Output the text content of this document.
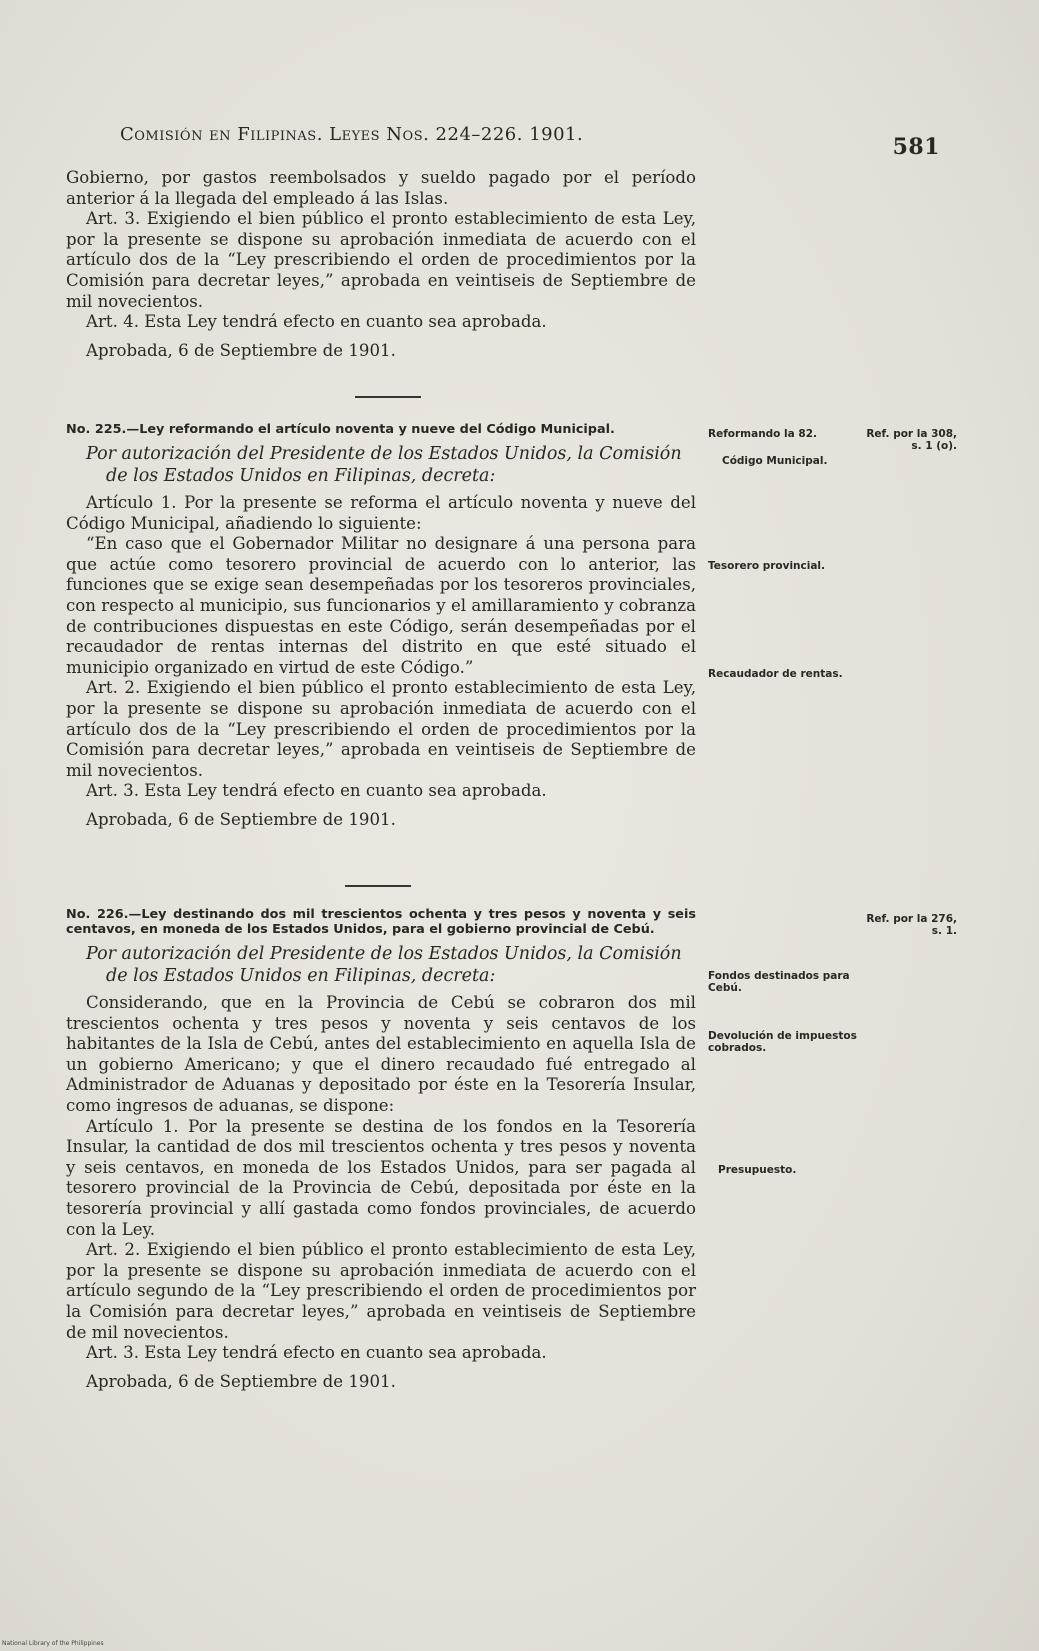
Comisión en Filipinas. Leyes Nos. 224–226. 1901.	581

Gobierno, por gastos reembolsados y sueldo pagado por el período anterior á la llegada del empleado á las Islas.

Art. 3. Exigiendo el bien público el pronto establecimiento de esta Ley, por la presente se dispone su aprobación inmediata de acuerdo con el artículo dos de la “Ley prescribiendo el orden de procedimientos por la Comisión para decretar leyes,” aprobada en veintiseis de Septiembre de mil novecientos.

Art. 4. Esta Ley tendrá efecto en cuanto sea aprobada.

Aprobada, 6 de Septiembre de 1901.

No. 225.—Ley reformando el artículo noventa y nueve del Código Municipal.

Por autorización del Presidente de los Estados Unidos, la Comisión
de los Estados Unidos en Filipinas, decreta:

Artículo 1. Por la presente se reforma el artículo noventa y nueve del Código Municipal, añadiendo lo siguiente:

“En caso que el Gobernador Militar no designare á una persona para que actúe como tesorero provincial de acuerdo con lo anterior, las funciones que se exige sean desempeñadas por los tesoreros provinciales, con respecto al municipio, sus funcionarios y el amillaramiento y cobranza de contribuciones dispuestas en este Código, serán desempeñadas por el recaudador de rentas internas del distrito en que esté situado el municipio organizado en virtud de este Código.”

Art. 2. Exigiendo el bien público el pronto establecimiento de esta Ley, por la presente se dispone su aprobación inmediata de acuerdo con el artículo dos de la “Ley prescribiendo el orden de procedimientos por la Comisión para decretar leyes,” aprobada en veintiseis de Septiembre de mil novecientos.

Art. 3. Esta Ley tendrá efecto en cuanto sea aprobada.

Aprobada, 6 de Septiembre de 1901.

Reformando la 82.
Código Municipal.
Ref. por la 308, s. 1 (o).
Tesorero provincial.
Recaudador de rentas.

No. 226.—Ley destinando dos mil trescientos ochenta y tres pesos y noventa y seis centavos, en moneda de los Estados Unidos, para el gobierno provincial de Cebú.

Por autorización del Presidente de los Estados Unidos, la Comisión
de los Estados Unidos en Filipinas, decreta:

Considerando, que en la Provincia de Cebú se cobraron dos mil trescientos ochenta y tres pesos y noventa y seis centavos de los habitantes de la Isla de Cebú, antes del establecimiento en aquella Isla de un gobierno Americano; y que el dinero recaudado fué entregado al Administrador de Aduanas y depositado por éste en la Tesorería Insular, como ingresos de aduanas, se dispone:

Artículo 1. Por la presente se destina de los fondos en la Tesorería Insular, la cantidad de dos mil trescientos ochenta y tres pesos y noventa y seis centavos, en moneda de los Estados Unidos, para ser pagada al tesorero provincial de la Provincia de Cebú, depositada por éste en la tesorería provincial y allí gastada como fondos provinciales, de acuerdo con la Ley.

Art. 2. Exigiendo el bien público el pronto establecimiento de esta Ley, por la presente se dispone su aprobación inmediata de acuerdo con el artículo segundo de la “Ley prescribiendo el orden de procedimientos por la Comisión para decretar leyes,” aprobada en veintiseis de Septiembre de mil novecientos.

Art. 3. Esta Ley tendrá efecto en cuanto sea aprobada.

Aprobada, 6 de Septiembre de 1901.

Ref. por la 276, s. 1.
Fondos destinados para Cebú.
Devolución de impuestos cobrados.
Presupuesto.
National Library of the Philippines
